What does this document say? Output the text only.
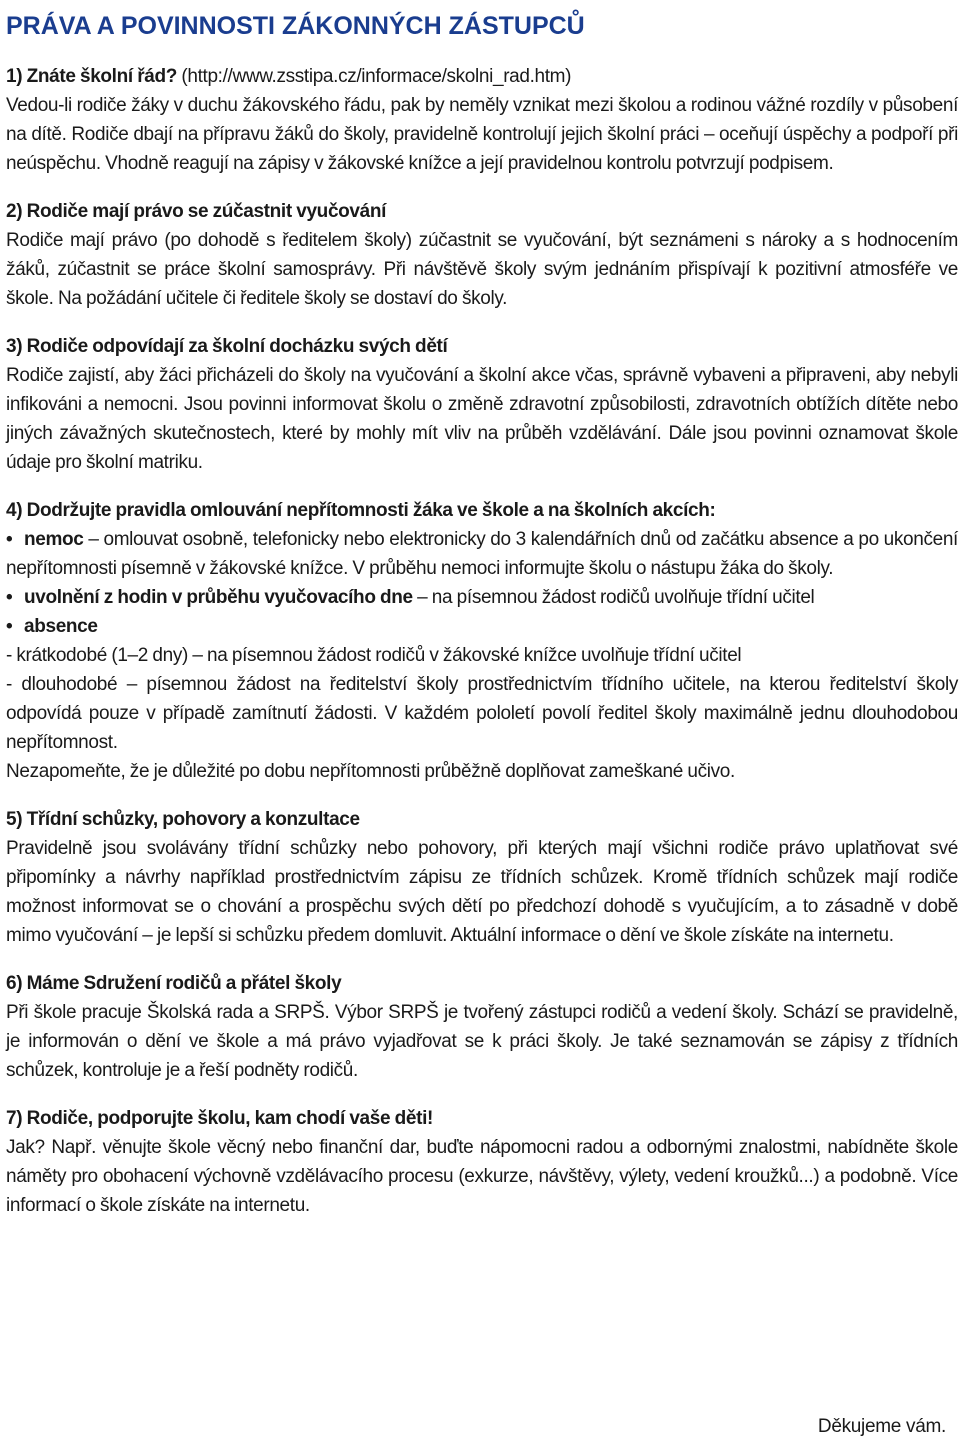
PRÁVA A POVINNOSTI ZÁKONNÝCH ZÁSTUPCŮ

1) Znáte školní řád? (http://www.zsstipa.cz/informace/skolni_rad.htm)

Vedou-li rodiče žáky v duchu žákovského řádu, pak by neměly vznikat mezi školou a rodinou vážné rozdíly v působení na dítě. Rodiče dbají na přípravu žáků do školy, pravidelně kontrolují jejich školní práci – oceňují úspěchy a podpoří při neúspěchu. Vhodně reagují na zápisy v žákovské knížce a její pravidelnou kontrolu potvrzují podpisem.

2) Rodiče mají právo se zúčastnit vyučování

Rodiče mají právo (po dohodě s ředitelem školy) zúčastnit se vyučování, být seznámeni s nároky a s hodnocením žáků, zúčastnit se práce školní samosprávy. Při návštěvě školy svým jednáním přispívají k pozitivní atmosféře ve škole. Na požádání učitele či ředitele školy se dostaví do školy.

3) Rodiče odpovídají za školní docházku svých dětí

Rodiče zajistí, aby žáci přicházeli do školy na vyučování a školní akce včas, správně vybaveni a připraveni, aby nebyli infikováni a nemocni. Jsou povinni informovat školu o změně zdravotní způsobilosti, zdravotních obtížích dítěte nebo jiných závažných skutečnostech, které by mohly mít vliv na průběh vzdělávání. Dále jsou povinni oznamovat škole údaje pro školní matriku.

4) Dodržujte pravidla omlouvání nepřítomnosti žáka ve škole a na školních akcích:

• nemoc – omlouvat osobně, telefonicky nebo elektronicky do 3 kalendářních dnů od začátku absence a po ukončení nepřítomnosti písemně v žákovské knížce. V průběhu nemoci informujte školu o nástupu žáka do školy.

• uvolnění z hodin v průběhu vyučovacího dne – na písemnou žádost rodičů uvolňuje třídní učitel

• absence

- krátkodobé (1–2 dny) – na písemnou žádost rodičů v žákovské knížce uvolňuje třídní učitel

- dlouhodobé – písemnou žádost na ředitelství školy prostřednictvím třídního učitele, na kterou ředitelství školy odpovídá pouze v případě zamítnutí žádosti. V každém pololetí povolí ředitel školy maximálně jednu dlouhodobou nepřítomnost.

Nezapomeňte, že je důležité po dobu nepřítomnosti průběžně doplňovat zameškané učivo.

5) Třídní schůzky, pohovory a konzultace

Pravidelně jsou svolávány třídní schůzky nebo pohovory, při kterých mají všichni rodiče právo uplatňovat své připomínky a návrhy například prostřednictvím zápisu ze třídních schůzek. Kromě třídních schůzek mají rodiče možnost informovat se o chování a prospěchu svých dětí po předchozí dohodě s vyučujícím, a to zásadně v době mimo vyučování – je lepší si schůzku předem domluvit. Aktuální informace o dění ve škole získáte na internetu.

6) Máme Sdružení rodičů a přátel školy

Při škole pracuje Školská rada a SRPŠ. Výbor SRPŠ je tvořený zástupci rodičů a vedení školy. Schází se pravidelně, je informován o dění ve škole a má právo vyjadřovat se k práci školy. Je také seznamován se zápisy z třídních schůzek, kontroluje je a řeší podněty rodičů.

7) Rodiče, podporujte školu, kam chodí vaše děti!

Jak? Např. věnujte škole věcný nebo finanční dar, buďte nápomocni radou a odbornými znalostmi, nabídněte škole náměty pro obohacení výchovně vzdělávacího procesu (exkurze, návštěvy, výlety, vedení kroužků...) a podobně. Více informací o škole získáte na internetu.

Děkujeme vám.
